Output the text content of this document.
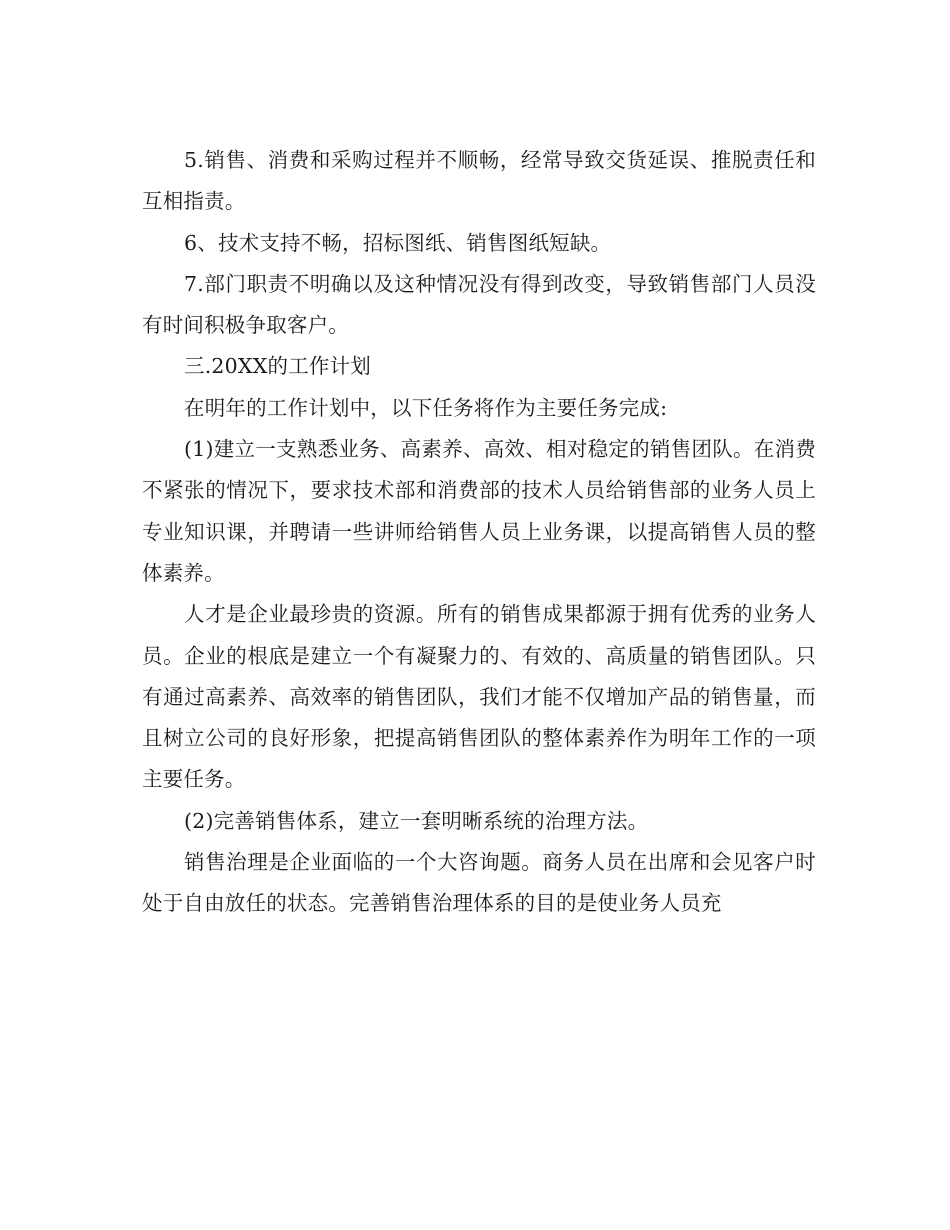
5.销售、消费和采购过程并不顺畅，经常导致交货延误、推脱责任和互相指责。

6、技术支持不畅，招标图纸、销售图纸短缺。

7.部门职责不明确以及这种情况没有得到改变，导致销售部门人员没有时间积极争取客户。

三.20XX的工作计划

在明年的工作计划中，以下任务将作为主要任务完成:

(1)建立一支熟悉业务、高素养、高效、相对稳定的销售团队。在消费不紧张的情况下，要求技术部和消费部的技术人员给销售部的业务人员上专业知识课，并聘请一些讲师给销售人员上业务课，以提高销售人员的整体素养。

人才是企业最珍贵的资源。所有的销售成果都源于拥有优秀的业务人员。企业的根底是建立一个有凝聚力的、有效的、高质量的销售团队。只有通过高素养、高效率的销售团队，我们才能不仅增加产品的销售量，而且树立公司的良好形象，把提高销售团队的整体素养作为明年工作的一项主要任务。

(2)完善销售体系，建立一套明晰系统的治理方法。

销售治理是企业面临的一个大咨询题。商务人员在出席和会见客户时处于自由放任的状态。完善销售治理体系的目的是使业务人员充
